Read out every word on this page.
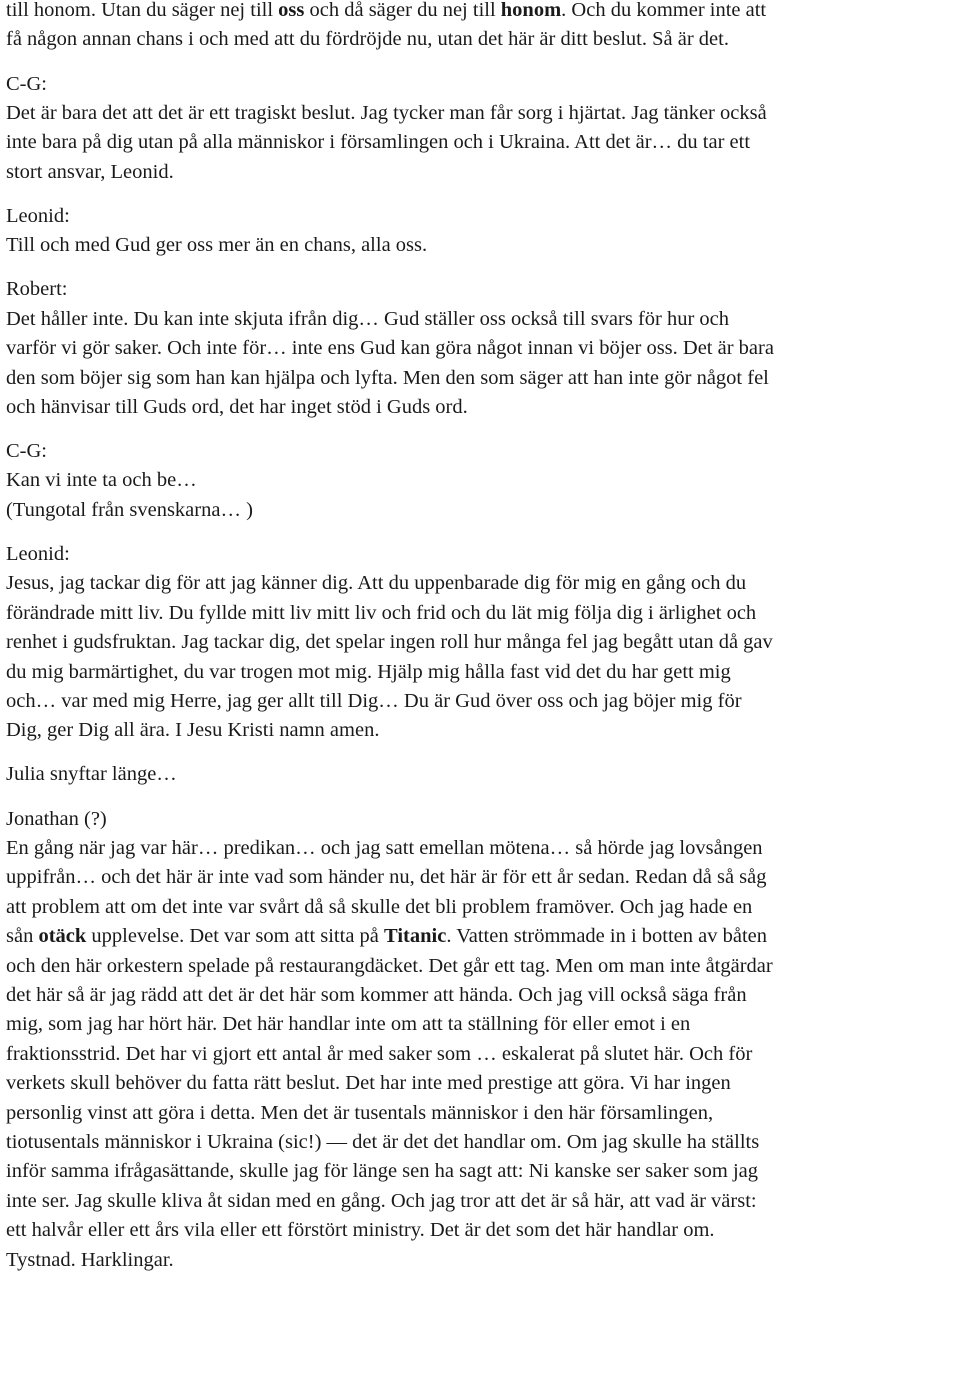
till honom. Utan du säger nej till oss och då säger du nej till honom. Och du kommer inte att
få någon annan chans i och med att du fördröjde nu, utan det här är ditt beslut. Så är det.
C-G:
Det är bara det att det är ett tragiskt beslut. Jag tycker man får sorg i hjärtat. Jag tänker också
inte bara på dig utan på alla människor i församlingen och i Ukraina. Att det är… du tar ett
stort ansvar, Leonid.
Leonid:
Till och med Gud ger oss mer än en chans, alla oss.
Robert:
Det håller inte. Du kan inte skjuta ifrån dig… Gud ställer oss också till svars för hur och
varför vi gör saker. Och inte för… inte ens Gud kan göra något innan vi böjer oss. Det är bara
den som böjer sig som han kan hjälpa och lyfta. Men den som säger att han inte gör något fel
och hänvisar till Guds ord, det har inget stöd i Guds ord.
C-G:
Kan vi inte ta och be…
(Tungotal från svenskarna… )
Leonid:
Jesus, jag tackar dig för att jag känner dig. Att du uppenbarade dig för mig en gång och du
förändrade mitt liv. Du fyllde mitt liv mitt liv och frid och du lät mig följa dig i ärlighet och
renhet i gudsfruktan. Jag tackar dig, det spelar ingen roll hur många fel jag begått utan då gav
du mig barmärtighet, du var trogen mot mig. Hjälp mig hålla fast vid det du har gett mig
och… var med mig Herre, jag ger allt till Dig… Du är Gud över oss och jag böjer mig för
Dig, ger Dig all ära. I Jesu Kristi namn amen.
Julia snyftar länge…
Jonathan (?)
En gång när jag var här… predikan… och jag satt emellan mötena… så hörde jag lovsången
uppifrån… och det här är inte vad som händer nu, det här är för ett år sedan. Redan då så såg
att problem att om det inte var svårt då så skulle det bli problem framöver. Och jag hade en
sån otäck upplevelse. Det var som att sitta på Titanic. Vatten strömmade in i botten av båten
och den här orkestern spelade på restaurangdäcket. Det går ett tag. Men om man inte åtgärdar
det här så är jag rädd att det är det här som kommer att hända. Och jag vill också säga från
mig, som jag har hört här. Det här handlar inte om att ta ställning för eller emot i en
fraktionsstrid. Det har vi gjort ett antal år med saker som … eskalerat på slutet här. Och för
verkets skull behöver du fatta rätt beslut. Det har inte med prestige att göra. Vi har ingen
personlig vinst att göra i detta. Men det är tusentals människor i den här församlingen,
tiotusentals människor i Ukraina (sic!) — det är det det handlar om. Om jag skulle ha ställts
inför samma ifrågasättande, skulle jag för länge sen ha sagt att: Ni kanske ser saker som jag
inte ser. Jag skulle kliva åt sidan med en gång. Och jag tror att det är så här, att vad är värst:
ett halvår eller ett års vila eller ett förstört ministry. Det är det som det här handlar om.
Tystnad. Harklingar.
